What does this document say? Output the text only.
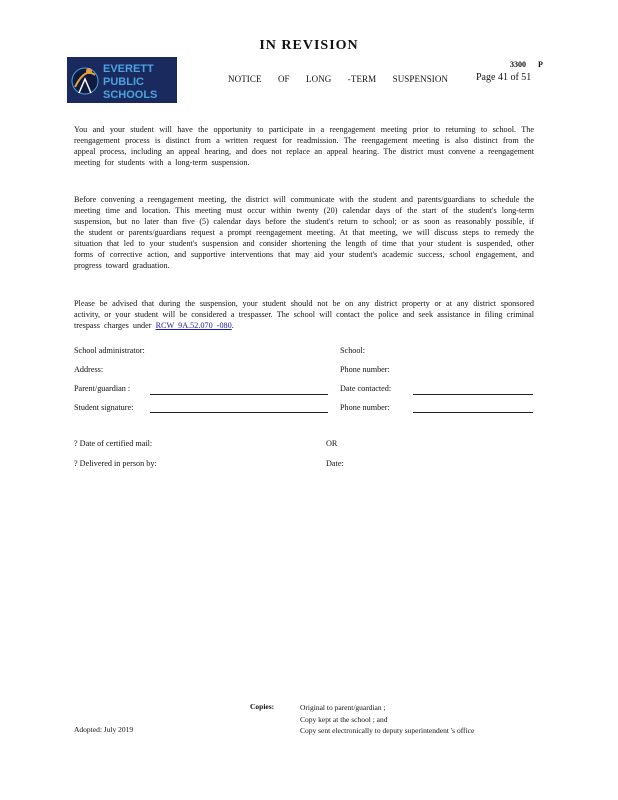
IN REVISION
EVERETT
PUBLIC
SCHOOLS
NOTICE OF LONG -TERM SUSPENSION
3300 P
Page 41 of 51
You and your student will have the opportunity to participate in a reengagement meeting prior to returning to school. The reengagement process is distinct from a written request for readmission. The reengagement meeting is also distinct from the appeal process, including an appeal hearing, and does not replace an appeal hearing. The district must convene a reengagement meeting for students with a long-term suspension.
Before convening a reengagement meeting, the district will communicate with the student and parents/guardians to schedule the meeting time and location. This meeting must occur within twenty (20) calendar days of the start of the student's long-term suspension, but no later than five (5) calendar days before the student's return to school; or as soon as reasonably possible, if the student or parents/guardians request a prompt reengagement meeting. At that meeting, we will discuss steps to remedy the situation that led to your student's suspension and consider shortening the length of time that your student is suspended, other forms of corrective action, and supportive interventions that may aid your student's academic success, school engagement, and progress toward graduation.
Please be advised that during the suspension, your student should not be on any district property or at any district sponsored activity, or your student will be considered a trespasser. The school will contact the police and seek assistance in filing criminal trespass charges under RCW 9A.52.070 -080.
School administrator:	School:
Address:	Phone number:
Parent/guardian :	Date contacted:
Student signature:	Phone number:
? Date of certified mail:	OR
? Delivered in person by:	Date:
Copies:	Original to parent/guardian ;
Copy kept at the school ; and
Copy sent electronically to deputy superintendent 's office
Adopted: July 2019
